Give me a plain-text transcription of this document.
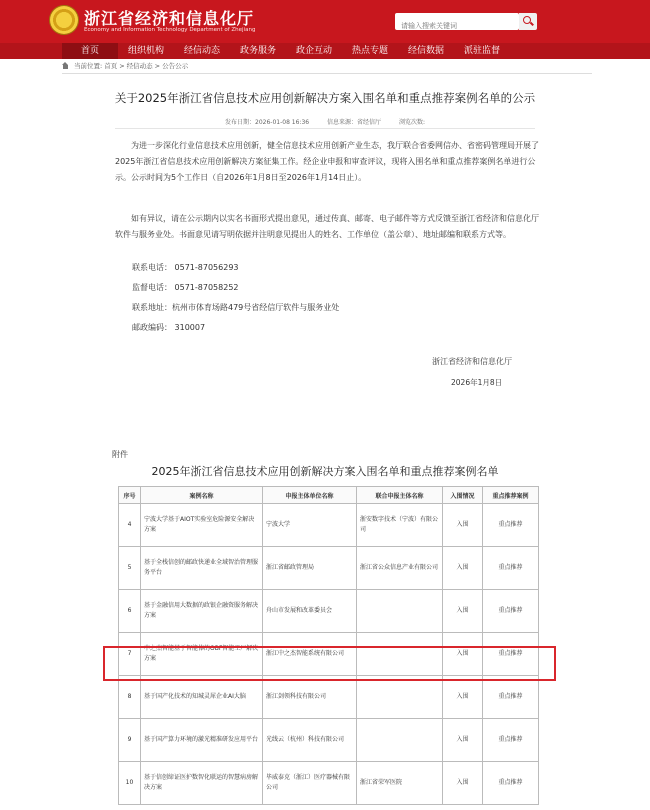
浙江省经济和信息化厅
Economy and Information Technology Department of Zhejiang
请输入搜索关键词
首页	组织机构	经信动态	政务服务	政企互动	热点专题	经信数据	派驻监督
当前位置: 首页 > 经信动态 > 公告公示
关于2025年浙江省信息技术应用创新解决方案入围名单和重点推荐案例名单的公示
发布日期：2026-01-08 16:36	信息来源：省经信厅	浏览次数:

为进一步深化行业信息技术应用创新，健全信息技术应用创新产业生态，我厅联合省委网信办、省密码管理局开展了2025年浙江省信息技术应用创新解决方案征集工作。经企业申报和审查评议，现将入围名单和重点推荐案例名单进行公示。公示时间为5个工作日（自2026年1月8日至2026年1月14日止）。

如有异议，请在公示期内以实名书面形式提出意见，通过传真、邮寄、电子邮件等方式反馈至浙江省经济和信息化厅软件与服务业处。书面意见请写明依据并注明意见提出人的姓名、工作单位（盖公章）、地址邮编和联系方式等。

联系电话： 0571-87056293
监督电话： 0571-87058252
联系地址：杭州市体育场路479号省经信厅软件与服务业处
邮政编码： 310007
浙江省经济和信息化厅
2026年1月8日
附件
2025年浙江省信息技术应用创新解决方案入围名单和重点推荐案例名单
序号	案例名称	申报主体单位名称	联合申报主体名称	入围情况	重点推荐案例
4	宁波大学基于AIOT实验室危险源安全解决方案	宁波大学	浙安数字技术（宁波）有限公司	入围	重点推荐
5	基于全栈信创的邮政快递业全域智治管理服务平台	浙江省邮政管理局	浙江省公众信息产业有限公司	入围	重点推荐
6	基于金融信用大数据的政银企融资服务解决方案	舟山市发展和改革委员会		入围	重点推荐
7	中之杰智能基于智能体的OBF智能工厂解决方案	浙江中之杰智能系统有限公司		入围	重点推荐
8	基于国产化技术的知城灵犀企业AI大脑	浙江剑领科技有限公司		入围	重点推荐
9	基于国产算力环境的激光精准研发应用平台	光线云（杭州）科技有限公司		入围	重点推荐
10	基于信创缔证医护数智化联运的智慧病房解决方案	毕威泰克（浙江）医疗器械有限公司	浙江省荣军医院	入围	重点推荐
